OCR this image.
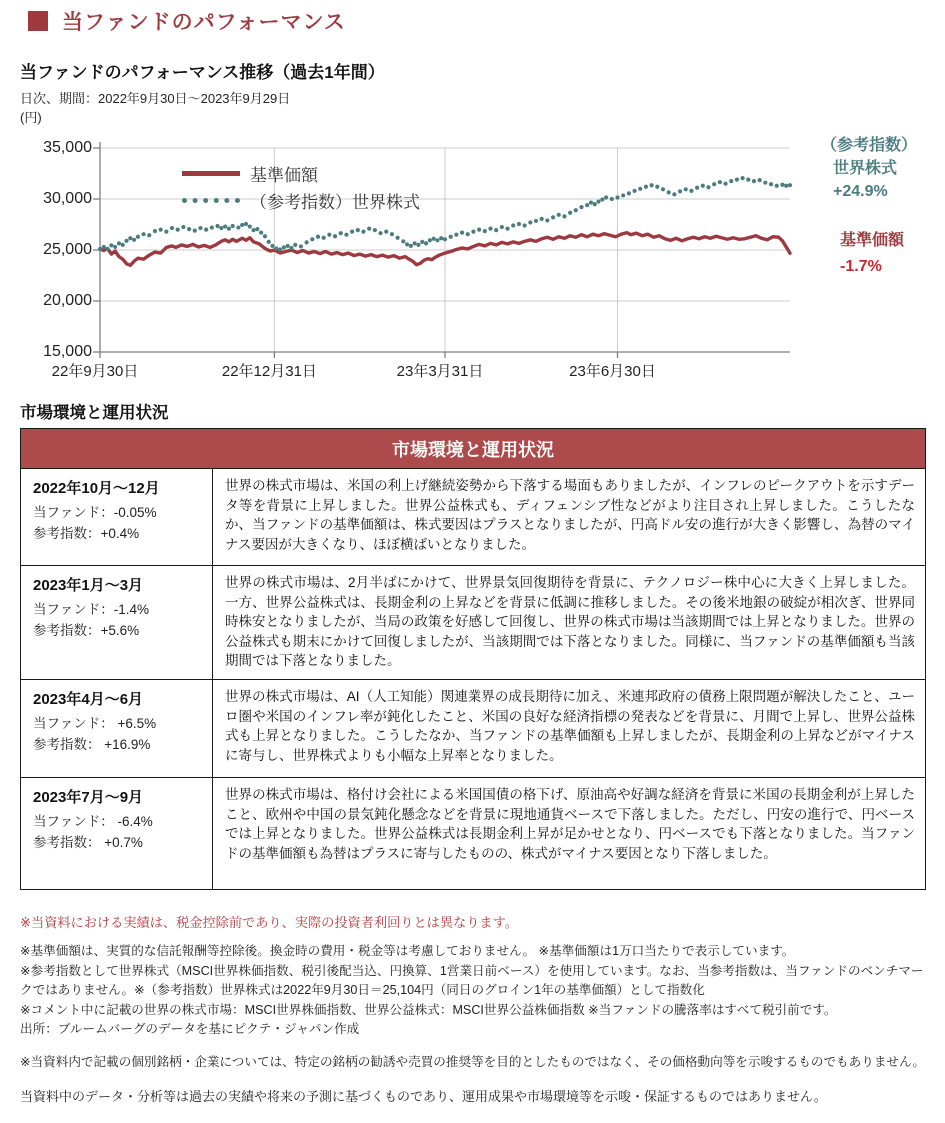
当ファンドのパフォーマンス
当ファンドのパフォーマンス推移（過去1年間）
日次、期間：2022年9月30日～2023年9月29日
(円)
基準価額
（参考指数）世界株式
（参考指数）
世界株式
+24.9%
基準価額
-1.7%
15,000
20,000
25,000
30,000
35,000
22年9月30日	22年12月31日	23年3月31日	23年6月30日
市場環境と運用状況
市場環境と運用状況	

2022年10月～12月
当ファンド：-0.05%
参考指数：+0.4%	世界の株式市場は、米国の利上げ継続姿勢から下落する場面もありましたが、インフレのピークアウトを示すデータ等を背景に上昇しました。世界公益株式も、ディフェンシブ性などがより注目され上昇しました。こうしたなか、当ファンドの基準価額は、株式要因はプラスとなりましたが、円高ドル安の進行が大きく影響し、為替のマイナス要因が大きくなり、ほぼ横ばいとなりました。

2023年1月～3月
当ファンド：-1.4%
参考指数：+5.6%
	世界の株式市場は、2月半ばにかけて、世界景気回復期待を背景に、テクノロジー株中心に大きく上昇しました。一方、世界公益株式は、長期金利の上昇などを背景に低調に推移しました。その後米地銀の破綻が相次ぎ、世界同時株安となりましたが、当局の政策を好感して回復し、世界の株式市場は当該期間では上昇となりました。世界の公益株式も期末にかけて回復しましたが、当該期間では下落となりました。同様に、当ファンドの基準価額も当該期間では下落となりました。

2023年4月～6月
当ファンド： +6.5%
参考指数： +16.9%	世界の株式市場は、AI（人工知能）関連業界の成長期待に加え、米連邦政府の債務上限問題が解決したこと、ユーロ圏や米国のインフレ率が鈍化したこと、米国の良好な経済指標の発表などを背景に、月間で上昇し、世界公益株式も上昇となりました。こうしたなか、当ファンドの基準価額も上昇しましたが、長期金利の上昇などがマイナスに寄与し、世界株式よりも小幅な上昇率となりました。

2023年7月～9月
当ファンド： -6.4%
参考指数： +0.7%	世界の株式市場は、格付け会社による米国国債の格下げ、原油高や好調な経済を背景に米国の長期金利が上昇したこと、欧州や中国の景気鈍化懸念などを背景に現地通貨ベースで下落しました。ただし、円安の進行で、円ベースでは上昇となりました。世界公益株式は長期金利上昇が足かせとなり、円ベースでも下落となりました。当ファンドの基準価額も為替はプラスに寄与したものの、株式がマイナス要因となり下落しました。
※当資料における実績は、税金控除前であり、実際の投資者利回りとは異なります。
※基準価額は、実質的な信託報酬等控除後。換金時の費用・税金等は考慮しておりません。 ※基準価額は1万口当たりで表示しています。
※参考指数として世界株式（MSCI世界株価指数、税引後配当込、円換算、1営業日前ベース）を使用しています。なお、当参考指数は、当ファンドのベンチマークではありません。※（参考指数）世界株式は2022年9月30日＝25,104円（同日のグロイン1年の基準価額）として指数化
※コメント中に記載の世界の株式市場：MSCI世界株価指数、世界公益株式：MSCI世界公益株価指数 ※当ファンドの騰落率はすべて税引前です。
出所：ブルームバーグのデータを基にピクテ・ジャパン作成
※当資料内で記載の個別銘柄・企業については、特定の銘柄の勧誘や売買の推奨等を目的としたものではなく、その価格動向等を示唆するものでもありません。
当資料中のデータ・分析等は過去の実績や将来の予測に基づくものであり、運用成果や市場環境等を示唆・保証するものではありません。
